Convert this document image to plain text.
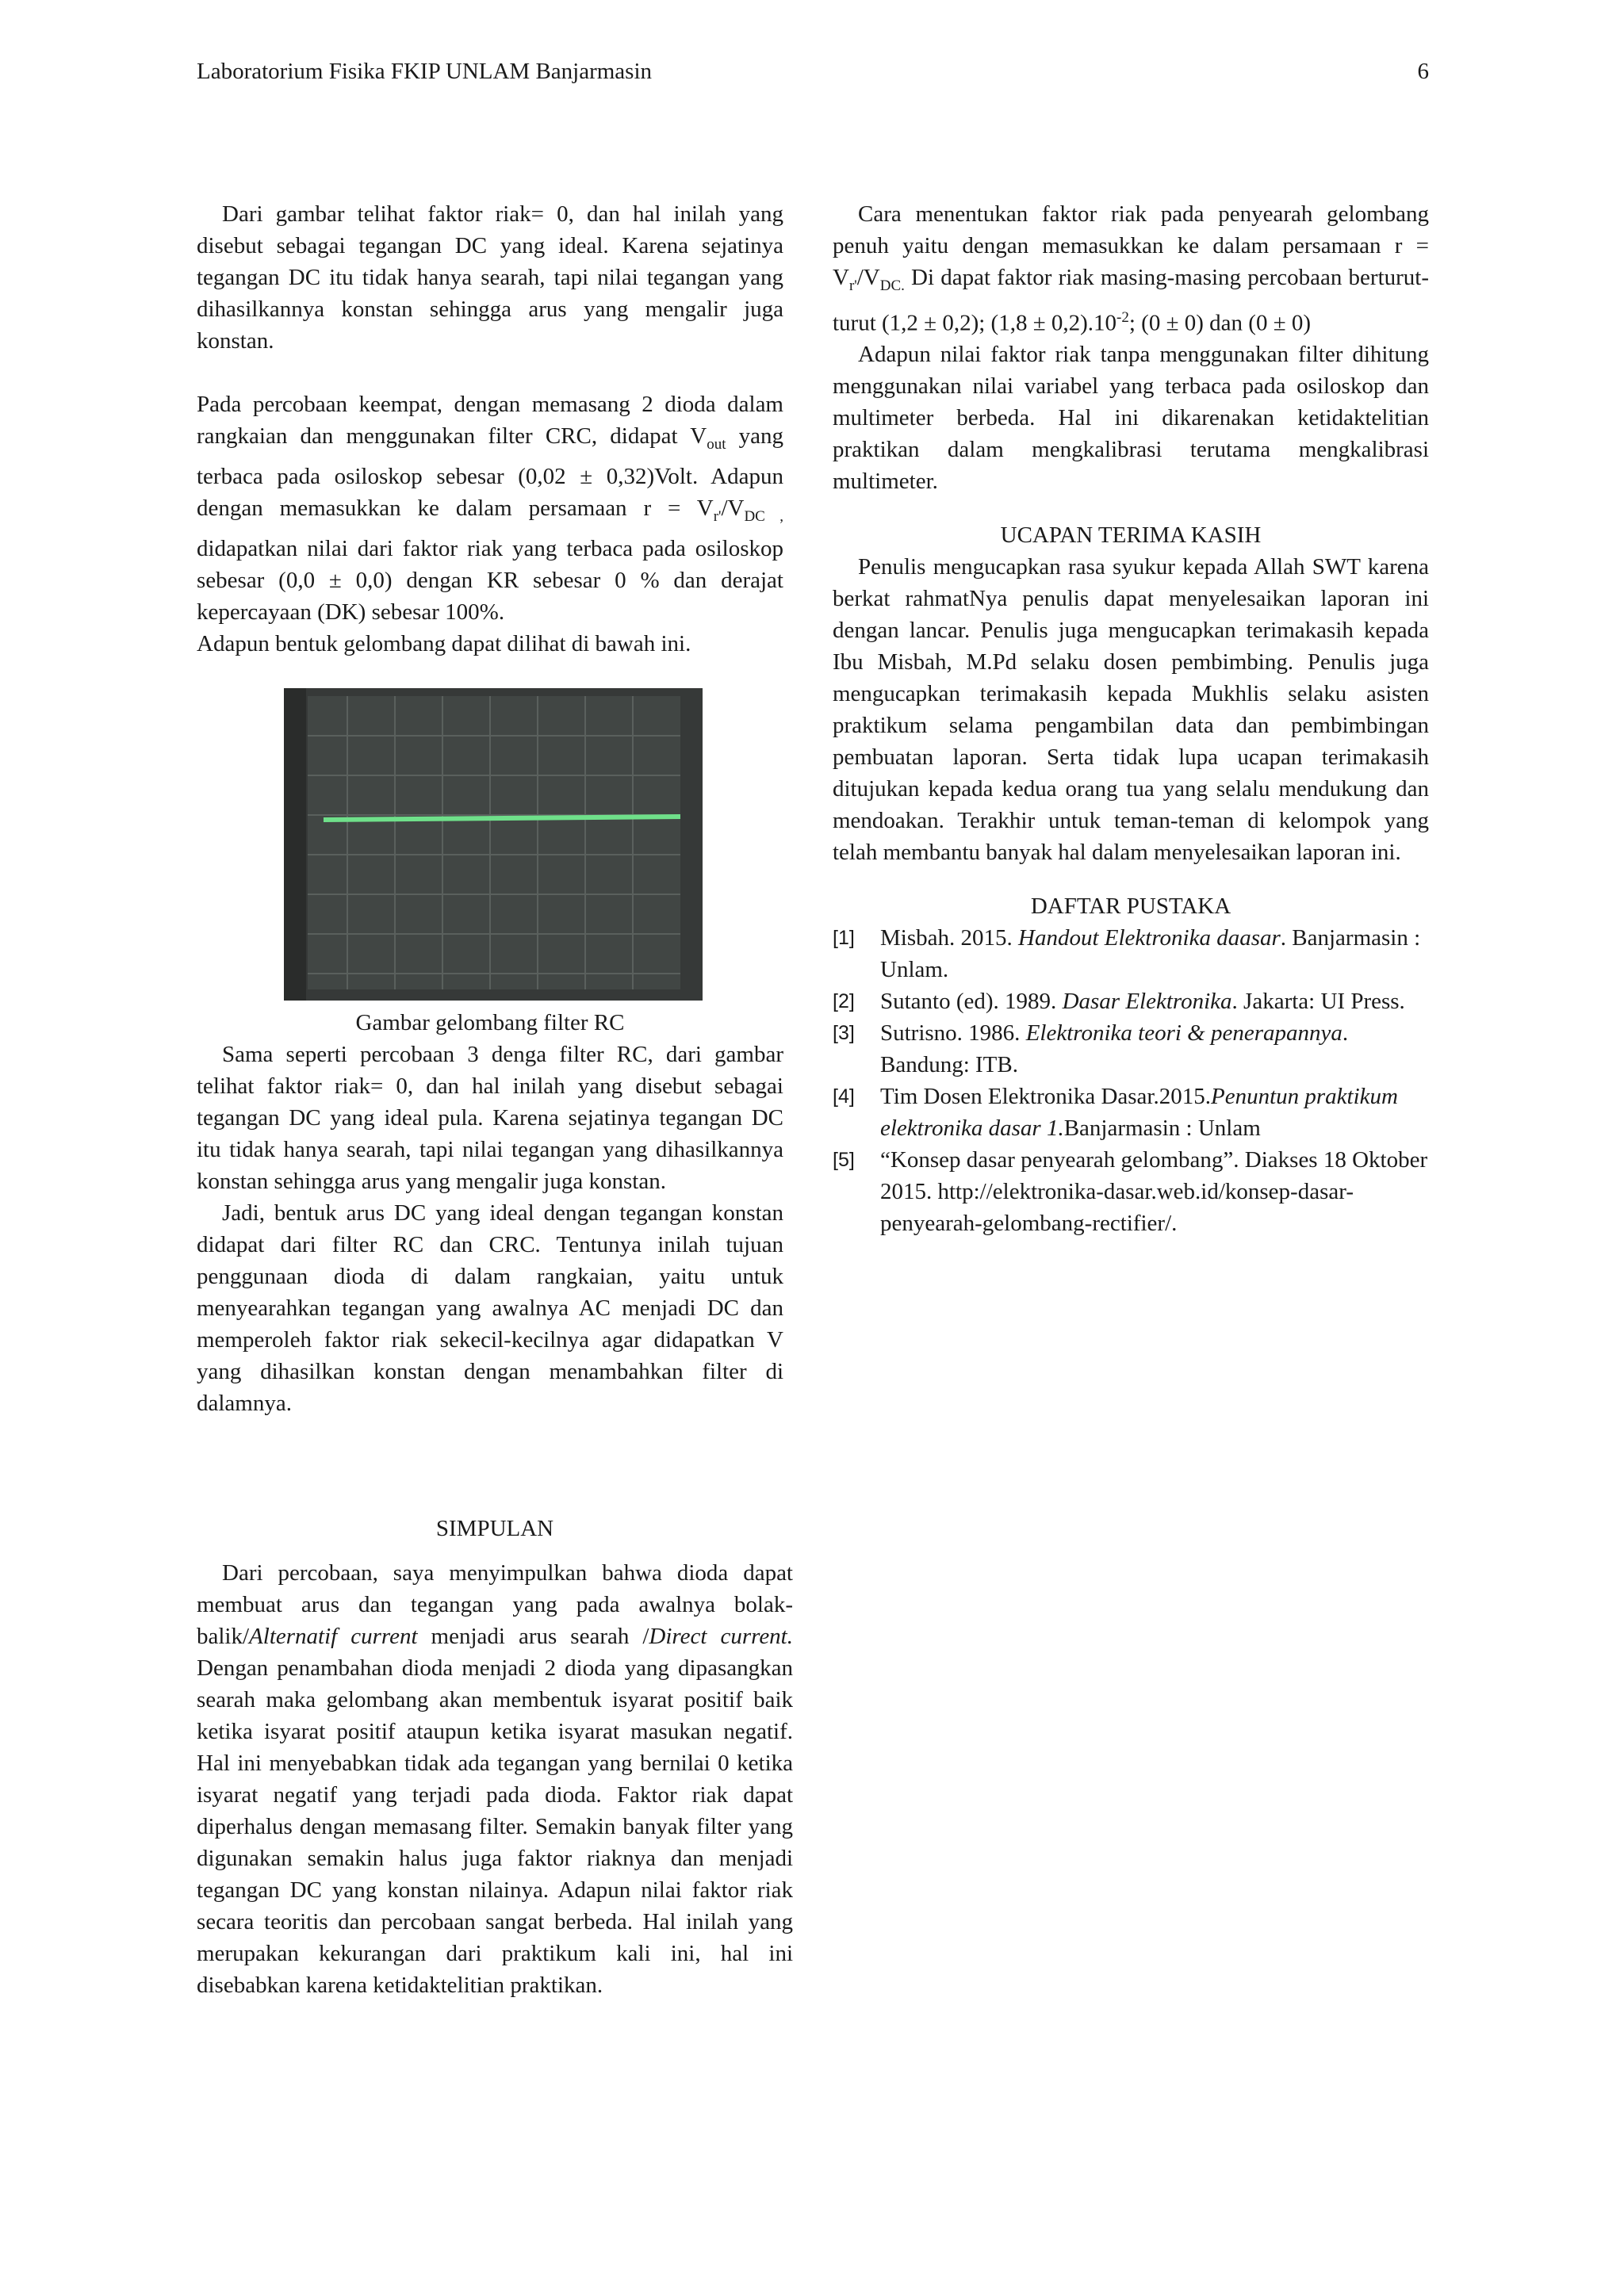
Laboratorium Fisika FKIP UNLAM Banjarmasin	6

Dari gambar telihat faktor riak= 0, dan hal inilah yang disebut sebagai tegangan DC yang ideal. Karena sejatinya tegangan DC itu tidak hanya searah, tapi nilai tegangan yang dihasilkannya konstan sehingga arus yang mengalir juga konstan.

Pada percobaan keempat, dengan memasang 2 dioda dalam rangkaian dan menggunakan filter CRC, didapat $V_{out}$ yang terbaca pada osiloskop sebesar (0,02 ± 0,32)Volt. Adapun dengan memasukkan ke dalam persamaan $r = V_{r'}/V_{DC ,}$ didapatkan nilai dari faktor riak yang terbaca pada osiloskop sebesar (0,0 ± 0,0) dengan KR sebesar 0 % dan derajat kepercayaan (DK) sebesar 100%.

Adapun bentuk gelombang dapat dilihat di bawah ini.

Gambar gelombang filter RC

Sama seperti percobaan 3 denga filter RC, dari gambar telihat faktor riak= 0, dan hal inilah yang disebut sebagai tegangan DC yang ideal pula. Karena sejatinya tegangan DC itu tidak hanya searah, tapi nilai tegangan yang dihasilkannya konstan sehingga arus yang mengalir juga konstan.

Jadi, bentuk arus DC yang ideal dengan tegangan konstan didapat dari filter RC dan CRC. Tentunya inilah tujuan penggunaan dioda di dalam rangkaian, yaitu untuk menyearahkan tegangan yang awalnya AC menjadi DC dan memperoleh faktor riak sekecil-kecilnya agar didapatkan V yang dihasilkan konstan dengan menambahkan filter di dalamnya.

SIMPULAN

Dari percobaan, saya menyimpulkan bahwa dioda dapat membuat arus dan tegangan yang pada awalnya bolak-balik/Alternatif current menjadi arus searah /Direct current. Dengan penambahan dioda menjadi 2 dioda yang dipasangkan searah maka gelombang akan membentuk isyarat positif baik ketika isyarat positif ataupun ketika isyarat masukan negatif. Hal ini menyebabkan tidak ada tegangan yang bernilai 0 ketika isyarat negatif yang terjadi pada dioda. Faktor riak dapat diperhalus dengan memasang filter. Semakin banyak filter yang digunakan semakin halus juga faktor riaknya dan menjadi tegangan DC yang konstan nilainya. Adapun nilai faktor riak secara teoritis dan percobaan sangat berbeda. Hal inilah yang merupakan kekurangan dari praktikum kali ini, hal ini disebabkan karena ketidaktelitian praktikan.

Cara menentukan faktor riak pada penyearah gelombang penuh yaitu dengan memasukkan ke dalam persamaan $r = V_{r'}/V_{DC.}$ Di dapat faktor riak masing-masing percobaan berturut-turut (1,2 ± 0,2); $(1,8 \pm 0,2).10^{-2}$; (0 ± 0) dan (0 ± 0)

Adapun nilai faktor riak tanpa menggunakan filter dihitung menggunakan nilai variabel yang terbaca pada osiloskop dan multimeter berbeda. Hal ini dikarenakan ketidaktelitian praktikan dalam mengkalibrasi terutama mengkalibrasi multimeter.

UCAPAN TERIMA KASIH

Penulis mengucapkan rasa syukur kepada Allah SWT karena berkat rahmatNya penulis dapat menyelesaikan laporan ini dengan lancar. Penulis juga mengucapkan terimakasih kepada Ibu Misbah, M.Pd selaku dosen pembimbing. Penulis juga mengucapkan terimakasih kepada Mukhlis selaku asisten praktikum selama pengambilan data dan pembimbingan pembuatan laporan. Serta tidak lupa ucapan terimakasih ditujukan kepada kedua orang tua yang selalu mendukung dan mendoakan. Terakhir untuk teman-teman di kelompok yang telah membantu banyak hal dalam menyelesaikan laporan ini.

DAFTAR PUSTAKA
[1]	Misbah. 2015. Handout Elektronika daasar. Banjarmasin : Unlam.
[2]	Sutanto (ed). 1989. Dasar Elektronika. Jakarta: UI Press.
[3]	Sutrisno. 1986. Elektronika teori & penerapannya. Bandung: ITB.
[4]	Tim Dosen Elektronika Dasar.2015.Penuntun praktikum elektronika dasar 1.Banjarmasin : Unlam
[5]	“Konsep dasar penyearah gelombang”. Diakses 18 Oktober 2015. http://elektronika-dasar.web.id/konsep-dasar-penyearah-gelombang-rectifier/.
